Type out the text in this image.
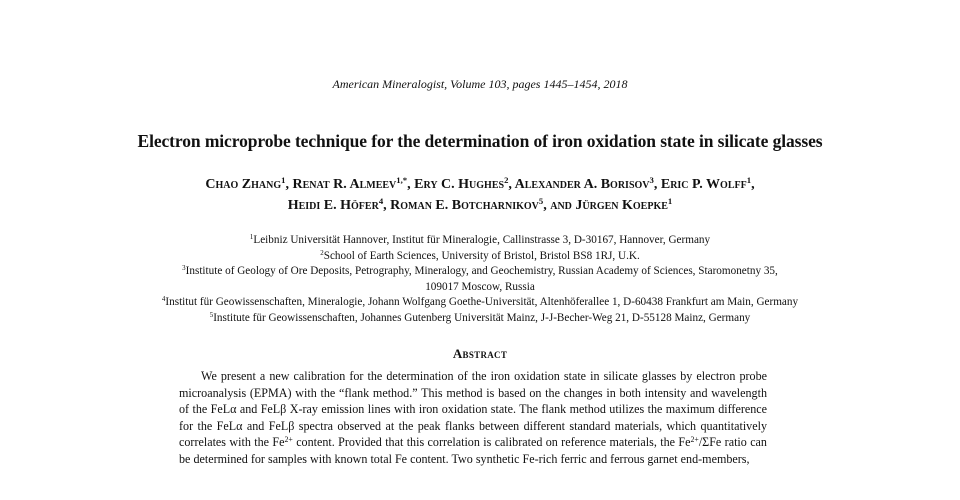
American Mineralogist, Volume 103, pages 1445–1454, 2018
Electron microprobe technique for the determination of iron oxidation state in silicate glasses
Chao Zhang$^1$, Renat R. Almeev$^{1,*}$, Ery C. Hughes$^2$, Alexander A. Borisov$^3$, Eric P. Wolff$^1$,
Heidi E. Höfer$^4$, Roman E. Botcharnikov$^5$, and Jürgen Koepke$^1$
$^1$Leibniz Universität Hannover, Institut für Mineralogie, Callinstrasse 3, D-30167, Hannover, Germany
$^2$School of Earth Sciences, University of Bristol, Bristol BS8 1RJ, U.K.
$^3$Institute of Geology of Ore Deposits, Petrography, Mineralogy, and Geochemistry, Russian Academy of Sciences, Staromonetny 35,
109017 Moscow, Russia
$^4$Institut für Geowissenschaften, Mineralogie, Johann Wolfgang Goethe-Universität, Altenhöferallee 1, D-60438 Frankfurt am Main, Germany
$^5$Institute für Geowissenschaften, Johannes Gutenberg Universität Mainz, J-J-Becher-Weg 21, D-55128 Mainz, Germany
Abstract

We present a new calibration for the determination of the iron oxidation state in silicate glasses by electron probe microanalysis (EPMA) with the “flank method.” This method is based on the changes in both intensity and wavelength of the FeLα and FeLβ X-ray emission lines with iron oxidation state. The flank method utilizes the maximum difference for the FeLα and FeLβ spectra observed at the peak flanks between different standard materials, which quantitatively correlates with the $Fe^{2+}$ content. Provided that this correlation is calibrated on reference materials, the $Fe^{2+}$/ΣFe ratio can be determined for samples with known total Fe content. Two synthetic Fe-rich ferric and ferrous garnet end-members,
